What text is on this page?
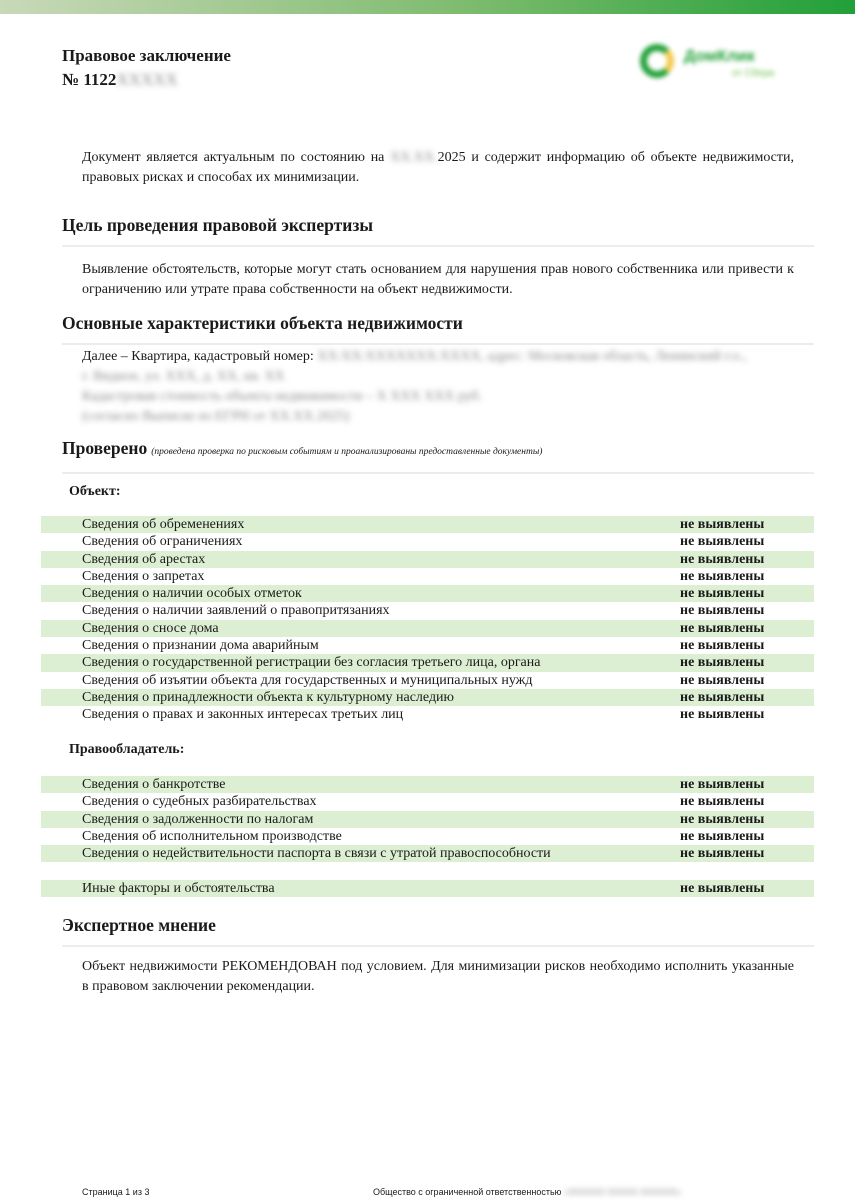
Правовое заключение
№ 1122XXXXX
ДомКлик
от Сбера
Документ является актуальным по состоянию на ХХ.ХХ.2025 и содержит информацию об объекте недвижимости, правовых рисках и способах их минимизации.
Цель проведения правовой экспертизы
Выявление обстоятельств, которые могут стать основанием для нарушения прав нового собственника или привести к ограничению или утрате права собственности на объект недвижимости.
Основные характеристики объекта недвижимости
Далее – Квартира, кадастровый номер: ХХ:ХХ:ХХХХХХХ:ХХХХ, адрес: Московская область, Ленинский г.о.,
г. Видное, ул. ХХХ, д. ХХ, кв. ХХ
Кадастровая стоимость объекта недвижимости – Х ХХХ ХХХ руб.
(согласно Выписке из ЕГРН от ХХ.ХХ.2025)
Проверено (проведена проверка по рисковым событиям и проанализированы предоставленные документы)
Объект:
Сведения об обременениях	не выявлены
Сведения об ограничениях	не выявлены
Сведения об арестах	не выявлены
Сведения о запретах	не выявлены
Сведения о наличии особых отметок	не выявлены
Сведения о наличии заявлений о правопритязаниях	не выявлены
Сведения о сносе дома	не выявлены
Сведения о признании дома аварийным	не выявлены
Сведения о государственной регистрации без согласия третьего лица, органа	не выявлены
Сведения об изъятии объекта для государственных и муниципальных нужд	не выявлены
Сведения о принадлежности объекта к культурному наследию	не выявлены
Сведения о правах и законных интересах третьих лиц	не выявлены
Правообладатель:
Сведения о банкротстве	не выявлены
Сведения о судебных разбирательствах	не выявлены
Сведения о задолженности по налогам	не выявлены
Сведения об исполнительном производстве	не выявлены
Сведения о недействительности паспорта в связи с утратой правоспособности	не выявлены
Иные факторы и обстоятельства	не выявлены
Экспертное мнение
Объект недвижимости РЕКОМЕНДОВАН под условием. Для минимизации рисков необходимо исполнить указанные в правовом заключении рекомендации.
Страница 1 из 3	Общество с ограниченной ответственностью «XXXXXX XXXXX XXXXXX»
